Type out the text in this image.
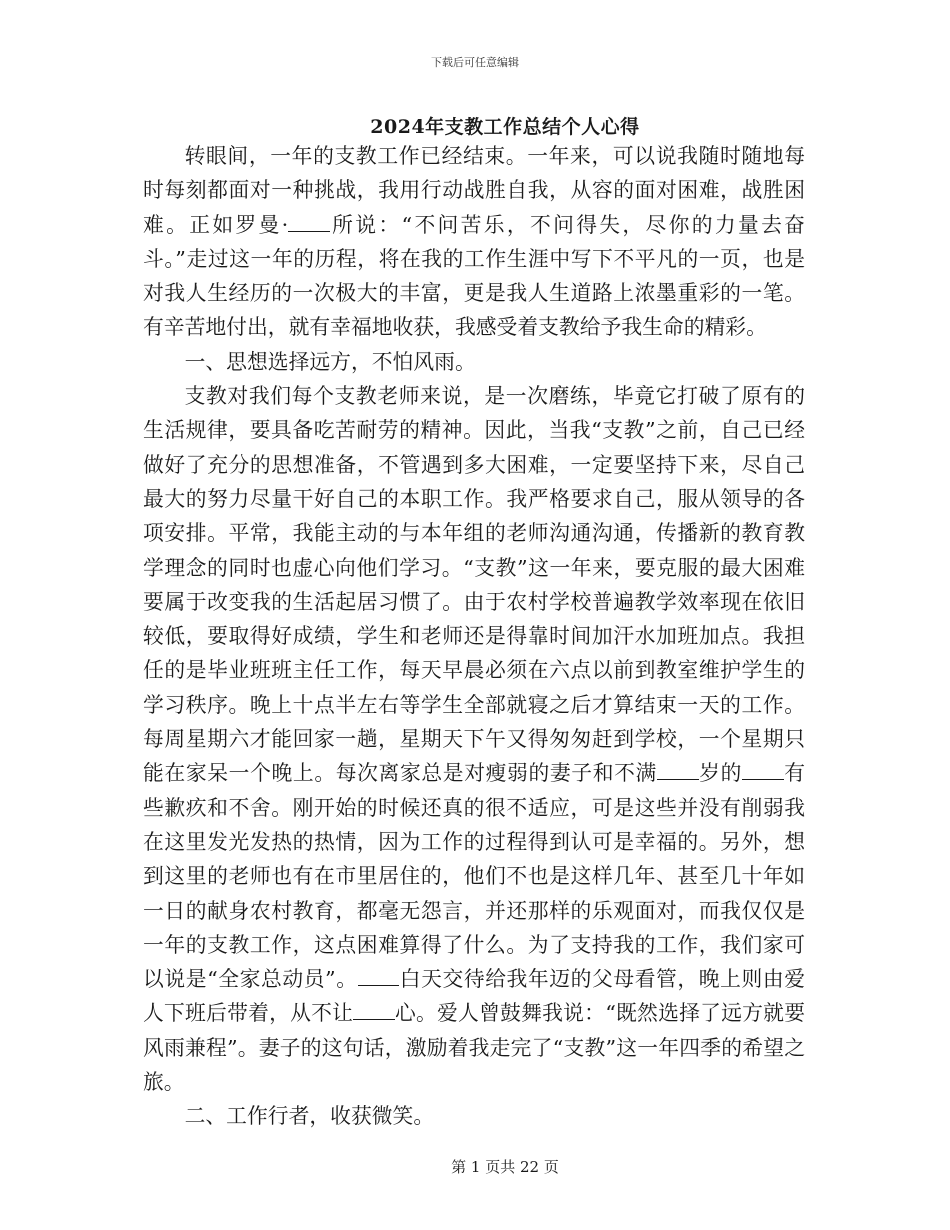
下载后可任意编辑
2024年支教工作总结个人心得

转眼间，一年的支教工作已经结束。一年来，可以说我随时随地每时每刻都面对一种挑战，我用行动战胜自我，从容的面对困难，战胜困难。正如罗曼· 所说：“不问苦乐，不问得失，尽你的力量去奋斗。”走过这一年的历程，将在我的工作生涯中写下不平凡的一页，也是对我人生经历的一次极大的丰富，更是我人生道路上浓墨重彩的一笔。有辛苦地付出，就有幸福地收获，我感受着支教给予我生命的精彩。

一、思想选择远方，不怕风雨。

支教对我们每个支教老师来说，是一次磨练，毕竟它打破了原有的生活规律，要具备吃苦耐劳的精神。因此，当我“支教”之前，自己已经做好了充分的思想准备，不管遇到多大困难，一定要坚持下来，尽自己最大的努力尽量干好自己的本职工作。我严格要求自己，服从领导的各项安排。平常，我能主动的与本年组的老师沟通沟通，传播新的教育教学理念的同时也虚心向他们学习。“支教”这一年来，要克服的最大困难要属于改变我的生活起居习惯了。由于农村学校普遍教学效率现在依旧较低，要取得好成绩，学生和老师还是得靠时间加汗水加班加点。我担任的是毕业班班主任工作，每天早晨必须在六点以前到教室维护学生的学习秩序。晚上十点半左右等学生全部就寝之后才算结束一天的工作。每周星期六才能回家一趟，星期天下午又得匆匆赶到学校，一个星期只能在家呆一个晚上。每次离家总是对瘦弱的妻子和不满 岁的 有些歉疚和不舍。刚开始的时候还真的很不适应，可是这些并没有削弱我在这里发光发热的热情，因为工作的过程得到认可是幸福的。另外，想到这里的老师也有在市里居住的，他们不也是这样几年、甚至几十年如一日的献身农村教育，都毫无怨言，并还那样的乐观面对，而我仅仅是一年的支教工作，这点困难算得了什么。为了支持我的工作，我们家可以说是“全家总动员”。 白天交待给我年迈的父母看管，晚上则由爱人下班后带着，从不让 心。爱人曾鼓舞我说：“既然选择了远方就要风雨兼程”。妻子的这句话，激励着我走完了“支教”这一年四季的希望之旅。

二、工作行者，收获微笑。

第 1 页共 22 页
